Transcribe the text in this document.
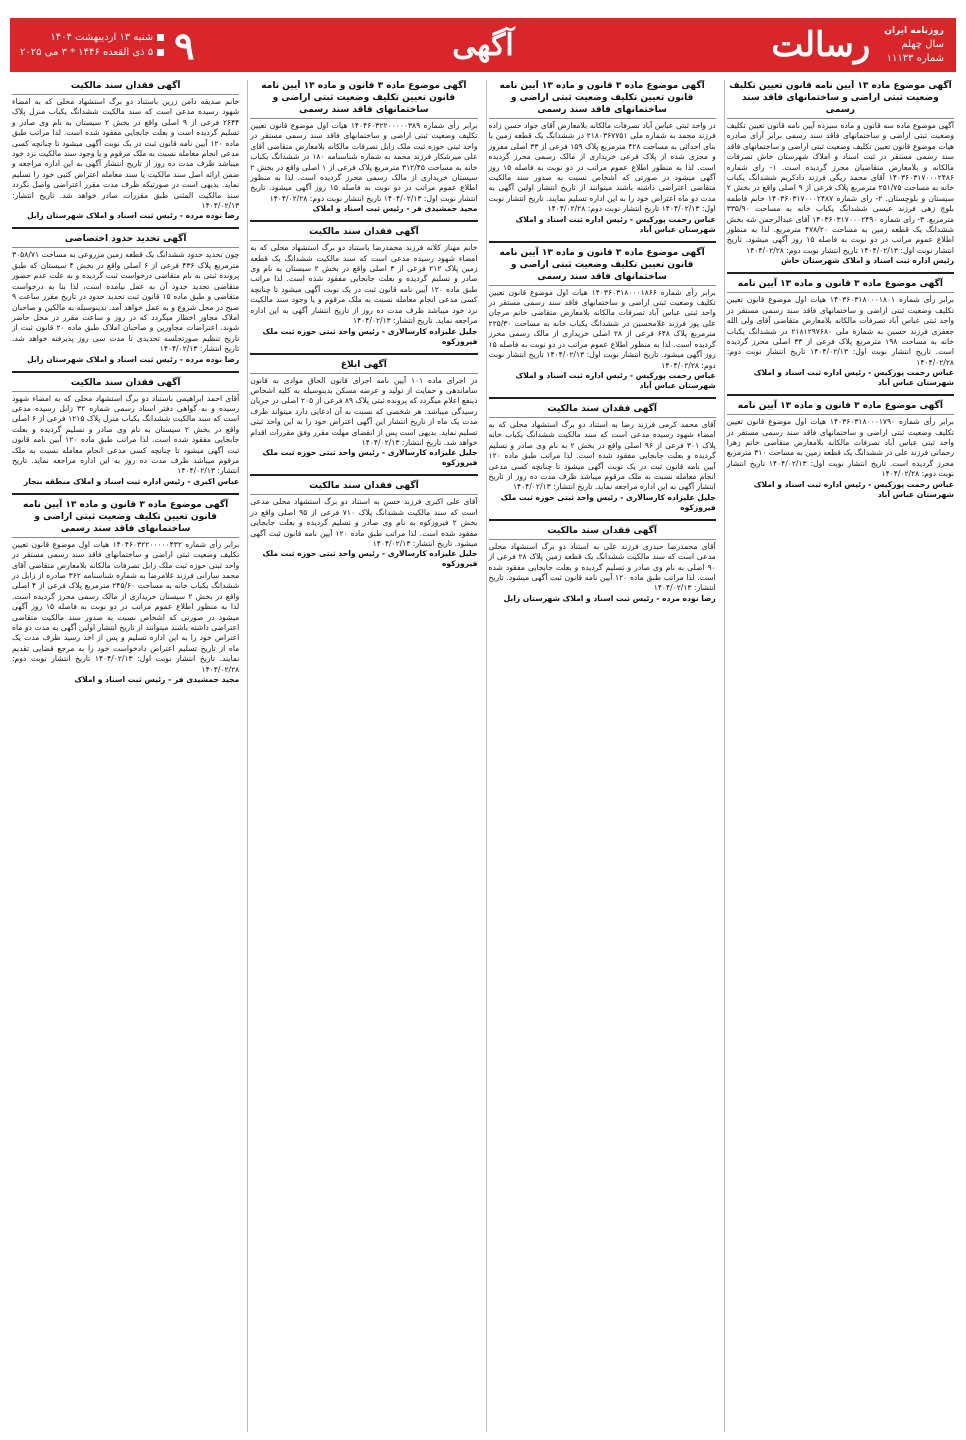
روزنامه ایران
سال چهلم
شماره ۱۱۱۳۳
رسالت
آگهی
۹
شنبه ۱۳ اردیبهشت ۱۴۰۴
۵ ذی القعده ۱۴۴۶ * ۳ می ۲۰۲۵
آگهی موضوع ماده ۱۳ آیین نامه قانون تعیین تکلیف وضعیت ثبتی اراضی و ساختمانهای فاقد سند رسمی
آگهی موضوع ماده سه قانون و ماده سیزده آیین نامه قانون تعیین تکلیف وضعیت ثبتی اراضی و ساختمانهای فاقد سند رسمی برابر آرای صادره هیات موضوع قانون تعیین تکلیف وضعیت ثبتی اراضی و ساختمانهای فاقد سند رسمی مستقر در ثبت اسناد و املاک شهرستان خاش تصرفات مالکانه و بلامعارض متقاضیان محرز گردیده است. ۱- رای شماره ۱۴۰۳۶۰۳۱۷۰۰۰۲۴۸۶ آقای محمد ریگی فرزند دادکریم ششدانگ یکباب خانه به مساحت ۲۵۱/۷۵ مترمربع پلاک فرعی از ۹ اصلی واقع در بخش ۲ سیستان و بلوچستان. ۲- رای شماره ۱۴۰۳۶۰۳۱۷۰۰۰۲۴۸۷ خانم فاطمه بلوچ زهی فرزند عیسی ششدانگ یکباب خانه به مساحت ۳۳۵/۹۰ مترمربع. ۳- رای شماره ۱۴۰۳۶۰۳۱۷۰۰۰۲۴۹۰ آقای عبدالرحمن شه بخش ششدانگ یک قطعه زمین به مساحت ۴۷۸/۲۰ مترمربع. لذا به منظور اطلاع عموم مراتب در دو نوبت به فاصله ۱۵ روز آگهی میشود. تاریخ انتشار نوبت اول: ۱۴۰۴/۰۲/۱۳ تاریخ انتشار نوبت دوم: ۱۴۰۴/۰۲/۲۸
رئیس اداره ثبت اسناد و املاک شهرستان خاش
آگهی موضوع ماده ۳ قانون و ماده ۱۳ آیین نامه
برابر رأی شماره ۱۴۰۳۶۰۳۱۸۰۰۰۱۸۰۱ هیات اول موضوع قانون تعیین تکلیف وضعیت ثبتی اراضی و ساختمانهای فاقد سند رسمی مستقر در واحد ثبتی عباس آباد تصرفات مالکانه بلامعارض متقاضی آقای ولی الله جعفری فرزند حسین به شماره ملی ۲۱۸۱۲۹۷۶۸۰ در ششدانگ یکباب خانه به مساحت ۱۹۸ مترمربع پلاک فرعی از ۳۳ اصلی محرز گردیده است. تاریخ انتشار نوبت اول: ۱۴۰۴/۰۲/۱۳ تاریخ انتشار نوبت دوم: ۱۴۰۴/۰۲/۲۸
عباس رحمت پورکیس - رئیس اداره ثبت اسناد و املاک شهرستان عباس آباد
آگهی موضوع ماده ۳ قانون و ماده ۱۳ آیین نامه
برابر رأی شماره ۱۴۰۳۶۰۳۱۸۰۰۰۱۷۹۰ هیات اول موضوع قانون تعیین تکلیف وضعیت ثبتی اراضی و ساختمانهای فاقد سند رسمی مستقر در واحد ثبتی عباس آباد تصرفات مالکانه بلامعارض متقاضی خانم زهرا رحمانی فرزند علی در ششدانگ یک قطعه زمین به مساحت ۳۱۰ مترمربع محرز گردیده است. تاریخ انتشار نوبت اول: ۱۴۰۴/۰۲/۱۳ تاریخ انتشار نوبت دوم: ۱۴۰۴/۰۲/۲۸
عباس رحمت پورکیس - رئیس اداره ثبت اسناد و املاک شهرستان عباس آباد
آگهی موضوع ماده ۳ قانون و ماده ۱۳ آیین نامه قانون تعیین تکلیف وضعیت ثبتی اراضی و ساختمانهای فاقد سند رسمی
در واحد ثبتی عباس آباد تصرفات مالکانه بلامعارض آقای جواد حسن زاده فرزند محمد به شماره ملی ۲۱۸۰۳۶۷۷۵۱ در ششدانگ یک قطعه زمین با بنای احداثی به مساحت ۴۲۸ مترمربع پلاک ۱۵۹ فرعی از ۳۳ اصلی مفروز و مجزی شده از پلاک فرعی خریداری از مالک رسمی محرز گردیده است. لذا به منظور اطلاع عموم مراتب در دو نوبت به فاصله ۱۵ روز آگهی میشود در صورتی که اشخاص نسبت به صدور سند مالکیت متقاضی اعتراضی داشته باشند میتوانند از تاریخ انتشار اولین آگهی به مدت دو ماه اعتراض خود را به این اداره تسلیم نمایند. تاریخ انتشار نوبت اول: ۱۴۰۴/۰۲/۱۳ تاریخ انتشار نوبت دوم: ۱۴۰۴/۰۲/۲۸
عباس رحمت پورکیس - رئیس اداره ثبت اسناد و املاک شهرستان عباس آباد
آگهی موضوع ماده ۳ قانون و ماده ۱۳ آیین نامه قانون تعیین تکلیف وضعیت ثبتی اراضی و ساختمانهای فاقد سند رسمی
برابر رأی شماره ۱۴۰۳۶۰۳۱۸۰۰۰۱۸۶۶ هیات اول موضوع قانون تعیین تکلیف وضعیت ثبتی اراضی و ساختمانهای فاقد سند رسمی مستقر در واحد ثبتی عباس آباد تصرفات مالکانه بلامعارض متقاضی خانم مرجان علی پور فرزند غلامحسین در ششدانگ یکباب خانه به مساحت ۲۲۵/۳۰ مترمربع پلاک ۶۴۸ فرعی از ۲۸ اصلی خریداری از مالک رسمی محرز گردیده است. لذا به منظور اطلاع عموم مراتب در دو نوبت به فاصله ۱۵ روز آگهی میشود. تاریخ انتشار نوبت اول: ۱۴۰۴/۰۲/۱۳ تاریخ انتشار نوبت دوم: ۱۴۰۴/۰۲/۲۸
عباس رحمت پورکیس - رئیس اداره ثبت اسناد و املاک شهرستان عباس آباد
آگهی فقدان سند مالکیت
آقای محمد کرمی فرزند رضا به استناد دو برگ استشهاد محلی که به امضاء شهود رسیده مدعی است که سند مالکیت ششدانگ یکباب خانه پلاک ۳۰۱ فرعی از ۹۶ اصلی واقع در بخش ۲ به نام وی صادر و تسلیم گردیده و بعلت جابجایی مفقود شده است. لذا مراتب طبق ماده ۱۲۰ آیین نامه قانون ثبت در یک نوبت آگهی میشود تا چنانچه کسی مدعی انجام معامله نسبت به ملک مرقوم میباشد ظرف مدت ده روز از تاریخ انتشار آگهی به این اداره مراجعه نماید. تاریخ انتشار: ۱۴۰۴/۰۲/۱۳
جلیل علیزاده کارسالاری - رئیس واحد ثبتی حوزه ثبت ملک فیروزکوه
آگهی فقدان سند مالکیت
آقای محمدرضا حیدری فرزند علی به استناد دو برگ استشهاد محلی مدعی است که سند مالکیت ششدانگ یک قطعه زمین پلاک ۲۸ فرعی از ۹۰ اصلی به نام وی صادر و تسلیم گردیده و بعلت جابجایی مفقود شده است. لذا مراتب طبق ماده ۱۲۰ آیین نامه قانون ثبت آگهی میشود. تاریخ انتشار: ۱۴۰۴/۰۲/۱۳
رضا نوده مرده - رئیس ثبت اسناد و املاک شهرستان زابل
آگهی موضوع ماده ۳ قانون و ماده ۱۳ آیین نامه قانون تعیین تکلیف وضعیت ثبتی اراضی و ساختمانهای فاقد سند رسمی
برابر رأی شماره ۱۴۰۴۶۰۳۲۲۰۰۰۰۰۳۸۹ هیات اول موضوع قانون تعیین تکلیف وضعیت ثبتی اراضی و ساختمانهای فاقد سند رسمی مستقر در واحد ثبتی حوزه ثبت ملک زابل تصرفات مالکانه بلامعارض متقاضی آقای علی میرشکار فرزند محمد به شماره شناسنامه ۱۸۰ در ششدانگ یکباب خانه به مساحت ۳۱۲/۴۵ مترمربع پلاک فرعی از ۱ اصلی واقع در بخش ۲ سیستان خریداری از مالک رسمی محرز گردیده است. لذا به منظور اطلاع عموم مراتب در دو نوبت به فاصله ۱۵ روز آگهی میشود. تاریخ انتشار نوبت اول: ۱۴۰۴/۰۲/۱۳ تاریخ انتشار نوبت دوم: ۱۴۰۴/۰۲/۲۸
مجید جمشیدی فر - رئیس ثبت اسناد و املاک
آگهی فقدان سند مالکیت
خانم مهناز کلانه فرزند محمدرضا باستناد دو برگ استشهاد محلی که به امضاء شهود رسیده مدعی است که سند مالکیت ششدانگ یک قطعه زمین پلاک ۲۱۲ فرعی از ۳ اصلی واقع در بخش ۲ سیستان به نام وی صادر و تسلیم گردیده و بعلت جابجایی مفقود شده است. لذا مراتب طبق ماده ۱۲۰ آیین نامه قانون ثبت در یک نوبت آگهی میشود تا چنانچه کسی مدعی انجام معامله نسبت به ملک مرقوم و یا وجود سند مالکیت نزد خود میباشد ظرف مدت ده روز از تاریخ انتشار آگهی به این اداره مراجعه نماید. تاریخ انتشار: ۱۴۰۴/۰۲/۱۳
جلیل علیزاده کارسالاری - رئیس واحد ثبتی حوزه ثبت ملک فیروزکوه
آگهی ابلاغ
در اجرای ماده ۱۰۱ آیین نامه اجرای قانون الحاق موادی به قانون ساماندهی و حمایت از تولید و عرضه مسکن بدینوسیله به کلیه اشخاص ذینفع اعلام میگردد که پرونده ثبتی پلاک ۸۹ فرعی از ۲۰۵ اصلی در جریان رسیدگی میباشد. هر شخصی که نسبت به آن ادعایی دارد میتواند ظرف مدت یک ماه از تاریخ انتشار این آگهی اعتراض خود را به این واحد ثبتی تسلیم نماید. بدیهی است پس از انقضای مهلت مقرر وفق مقررات اقدام خواهد شد. تاریخ انتشار: ۱۴۰۴/۰۲/۱۳
جلیل علیزاده کارسالاری - رئیس واحد ثبتی حوزه ثبت ملک فیروزکوه
آگهی فقدان سند مالکیت
آقای علی اکبری فرزند حسن به استناد دو برگ استشهاد محلی مدعی است که سند مالکیت ششدانگ پلاک ۷۱۰ فرعی از ۹۵ اصلی واقع در بخش ۲ فیروزکوه به نام وی صادر و تسلیم گردیده و بعلت جابجایی مفقود شده است. لذا مراتب طبق ماده ۱۲۰ آیین نامه قانون ثبت آگهی میشود. تاریخ انتشار: ۱۴۰۴/۰۲/۱۳
جلیل علیزاده کارسالاری - رئیس واحد ثبتی حوزه ثبت ملک فیروزکوه
آگهی فقدان سند مالکیت
خانم صدیقه دامن زرین باستناد دو برگ استشهاد محلی که به امضاء شهود رسیده مدعی است که سند مالکیت ششدانگ یکباب منزل پلاک ۲۶۴۴ فرعی از ۹ اصلی واقع در بخش ۲ سیستان به نام وی صادر و تسلیم گردیده است و بعلت جابجایی مفقود شده است. لذا مراتب طبق ماده ۱۲۰ آیین نامه قانون ثبت در یک نوبت آگهی میشود تا چنانچه کسی مدعی انجام معامله نسبت به ملک مرقوم و یا وجود سند مالکیت نزد خود میباشد ظرف مدت ده روز از تاریخ انتشار آگهی به این اداره مراجعه و ضمن ارائه اصل سند مالکیت یا سند معامله اعتراض کتبی خود را تسلیم نماید. بدیهی است در صورتیکه ظرف مدت مقرر اعتراضی واصل نگردد سند مالکیت المثنی طبق مقررات صادر خواهد شد. تاریخ انتشار: ۱۴۰۴/۰۲/۱۳
رضا نوده مرده - رئیس ثبت اسناد و املاک شهرستان زابل
آگهی تحدید حدود اختصاصی
چون تحدید حدود ششدانگ یک قطعه زمین مزروعی به مساحت ۳۰۵۸/۷۱ مترمربع پلاک ۴۳۶ فرعی از ۶ اصلی واقع در بخش ۴ سیستان که طبق پرونده ثبتی به نام متقاضی درخواست ثبت گردیده و به علت عدم حضور متقاضی تحدید حدود آن به عمل نیامده است، لذا بنا به درخواست متقاضی و طبق ماده ۱۵ قانون ثبت تحدید حدود در تاریخ مقرر ساعت ۹ صبح در محل شروع و به عمل خواهد آمد. بدینوسیله به مالکین و صاحبان املاک مجاور اخطار میگردد که در روز و ساعت مقرر در محل حاضر شوند. اعتراضات مجاورین و صاحبان املاک طبق ماده ۲۰ قانون ثبت از تاریخ تنظیم صورتجلسه تحدیدی تا مدت سی روز پذیرفته خواهد شد. تاریخ انتشار: ۱۴۰۴/۰۲/۱۳
رضا نوده مرده - رئیس ثبت اسناد و املاک شهرستان زابل
آگهی فقدان سند مالکیت
آقای احمد ابراهیمی باستناد دو برگ استشهاد محلی که به امضاء شهود رسیده و به گواهی دفتر اسناد رسمی شماره ۳۲ زابل رسیده مدعی است که سند مالکیت ششدانگ یکباب منزل پلاک ۱۲۱۵ فرعی از ۶ اصلی واقع در بخش ۲ سیستان به نام وی صادر و تسلیم گردیده و بعلت جابجایی مفقود شده است. لذا مراتب طبق ماده ۱۲۰ آیین نامه قانون ثبت آگهی میشود تا چنانچه کسی مدعی انجام معامله نسبت به ملک مرقوم میباشد ظرف مدت ده روز به این اداره مراجعه نماید. تاریخ انتشار: ۱۴۰۴/۰۲/۱۳
عباس اکبری - رئیس اداره ثبت اسناد و املاک منطقه بنجار
آگهی موضوع ماده ۳ قانون و ماده ۱۳ آیین نامه قانون تعیین تکلیف وضعیت ثبتی اراضی و ساختمانهای فاقد سند رسمی
برابر رأی شماره ۱۴۰۴۶۰۳۲۲۰۰۰۰۰۴۳۲ هیات اول موضوع قانون تعیین تکلیف وضعیت ثبتی اراضی و ساختمانهای فاقد سند رسمی مستقر در واحد ثبتی حوزه ثبت ملک زابل تصرفات مالکانه بلامعارض متقاضی آقای محمد سارانی فرزند غلامرضا به شماره شناسنامه ۳۶۲ صادره از زابل در ششدانگ یکباب خانه به مساحت ۲۴۵/۶۰ مترمربع پلاک فرعی از ۴ اصلی واقع در بخش ۲ سیستان خریداری از مالک رسمی محرز گردیده است. لذا به منظور اطلاع عموم مراتب در دو نوبت به فاصله ۱۵ روز آگهی میشود در صورتی که اشخاص نسبت به صدور سند مالکیت متقاضی اعتراضی داشته باشند میتوانند از تاریخ انتشار اولین آگهی به مدت دو ماه اعتراض خود را به این اداره تسلیم و پس از اخذ رسید ظرف مدت یک ماه از تاریخ تسلیم اعتراض دادخواست خود را به مرجع قضایی تقدیم نمایند. تاریخ انتشار نوبت اول: ۱۴۰۴/۰۲/۱۳ تاریخ انتشار نوبت دوم: ۱۴۰۴/۰۲/۲۸
مجید جمشیدی فر - رئیس ثبت اسناد و املاک
